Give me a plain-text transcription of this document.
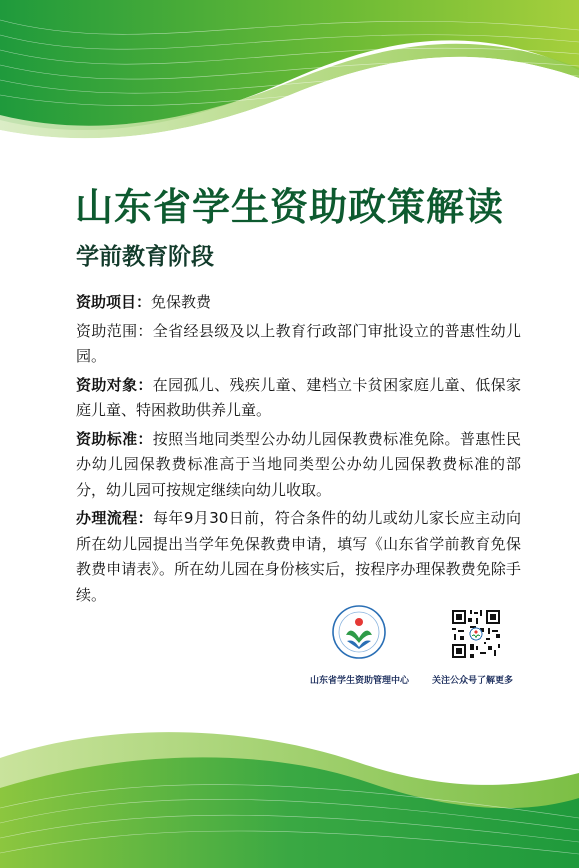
山东省学生资助政策解读
学前教育阶段

资助项目：免保教费

资助范围：全省经县级及以上教育行政部门审批设立的普惠性幼儿园。

资助对象：在园孤儿、残疾儿童、建档立卡贫困家庭儿童、低保家庭儿童、特困救助供养儿童。

资助标准：按照当地同类型公办幼儿园保教费标准免除。普惠性民办幼儿园保教费标准高于当地同类型公办幼儿园保教费标准的部分，幼儿园可按规定继续向幼儿收取。

办理流程：每年9月30日前，符合条件的幼儿或幼儿家长应主动向所在幼儿园提出当学年免保教费申请，填写《山东省学前教育免保教费申请表》。所在幼儿园在身份核实后，按程序办理保教费免除手续。

山东省学生资助管理中心	关注公众号了解更多
